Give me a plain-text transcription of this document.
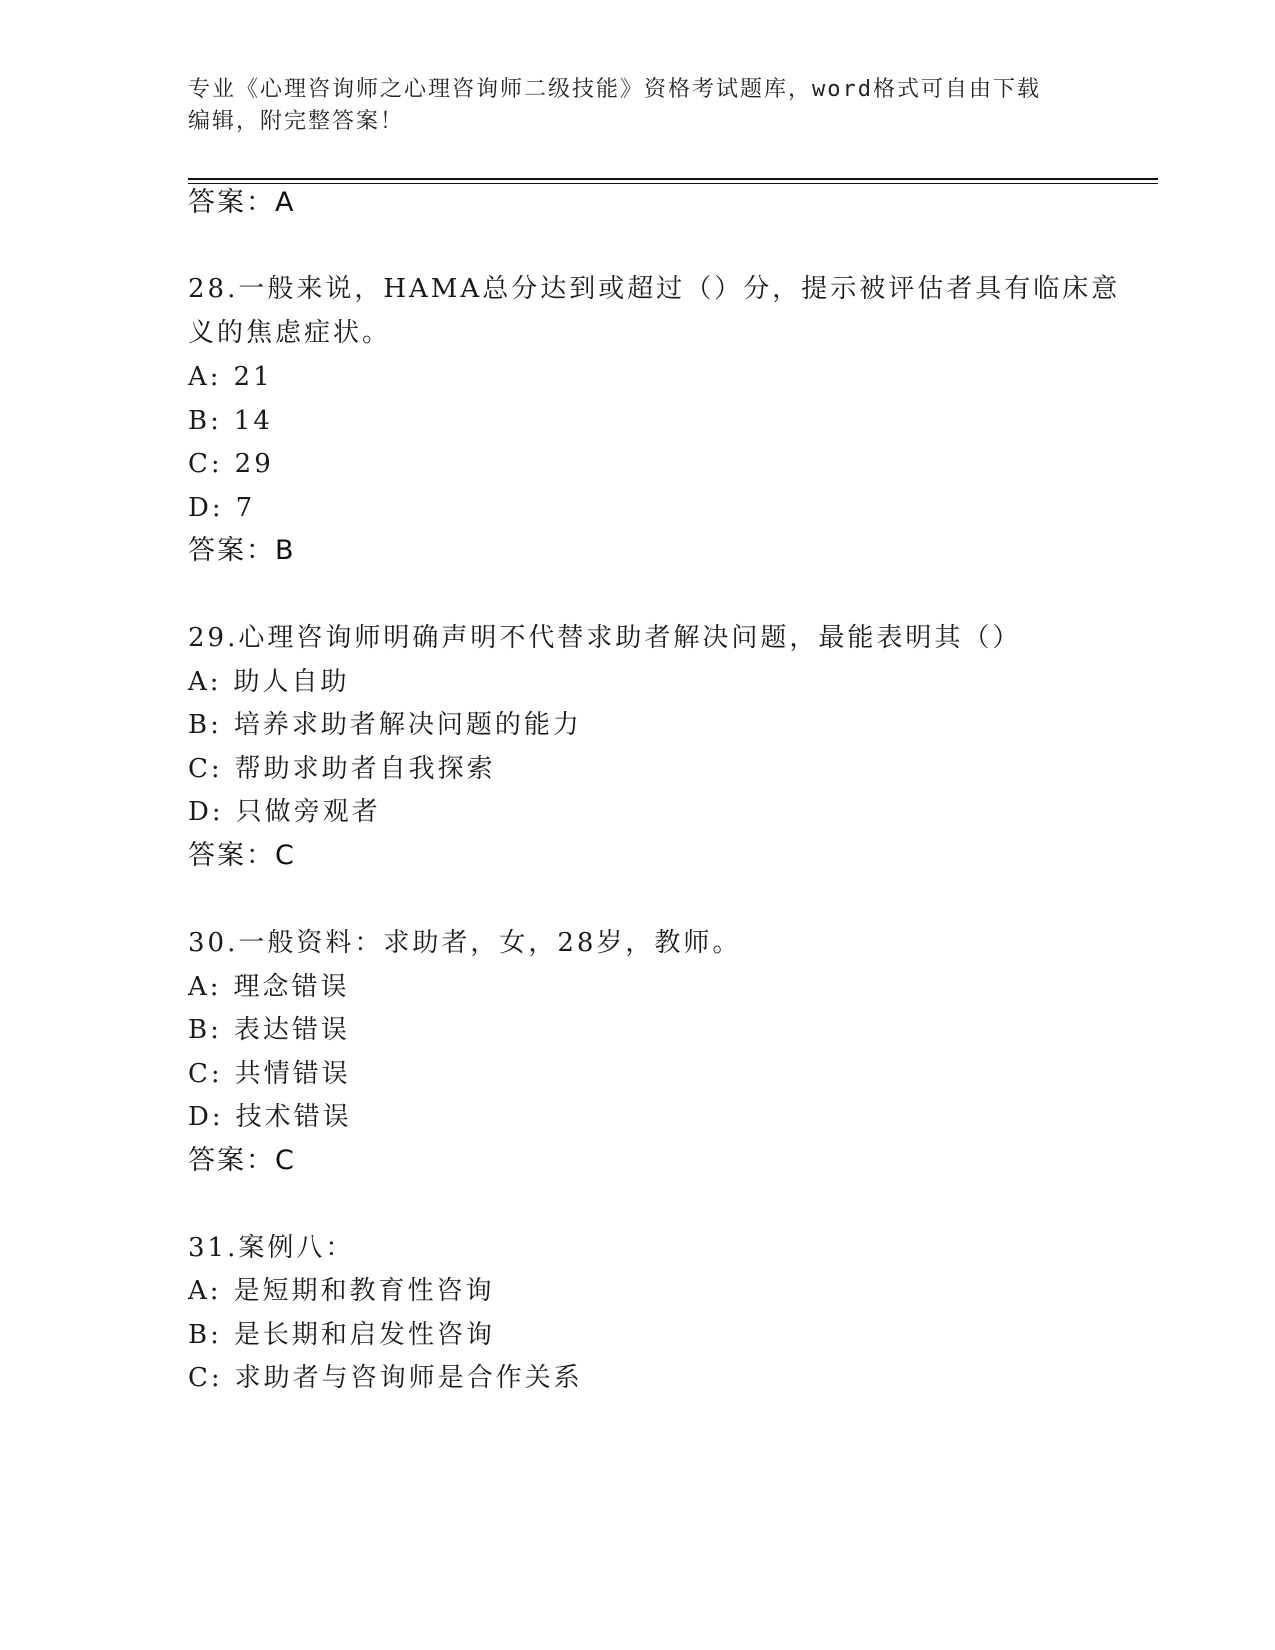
专业《心理咨询师之心理咨询师二级技能》资格考试题库，word格式可自由下载
编辑，附完整答案！
答案：A
28.一般来说，HAMA总分达到或超过（）分，提示被评估者具有临床意
义的焦虑症状。
A: 21
B: 14
C: 29
D: 7
答案：B
29.心理咨询师明确声明不代替求助者解决问题，最能表明其（）
A: 助人自助
B: 培养求助者解决问题的能力
C: 帮助求助者自我探索
D: 只做旁观者
答案：C
30.一般资料：求助者，女，28岁，教师。
A: 理念错误
B: 表达错误
C: 共情错误
D: 技术错误
答案：C
31.案例八：
A: 是短期和教育性咨询
B: 是长期和启发性咨询
C: 求助者与咨询师是合作关系
